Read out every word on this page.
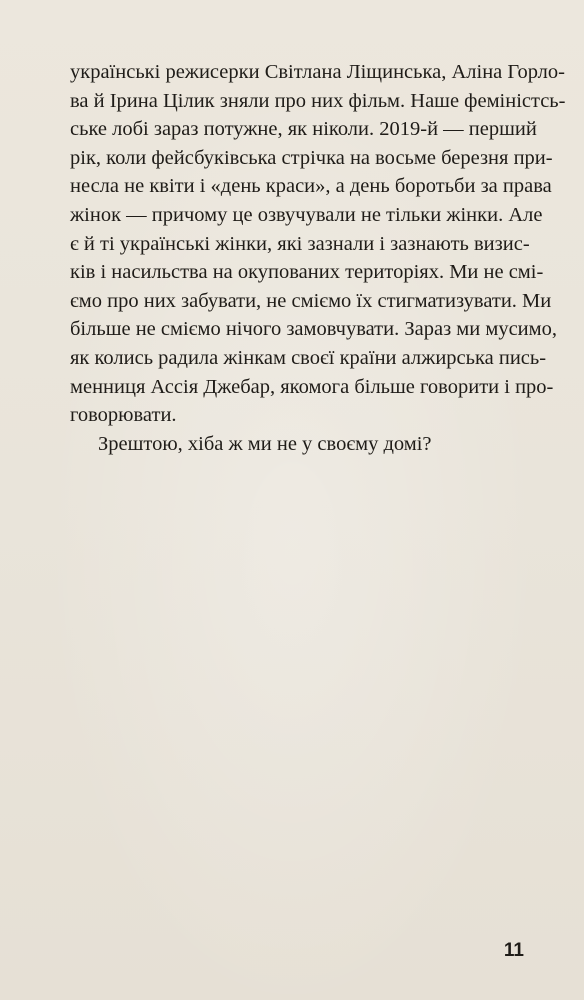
українські режисерки Світлана Ліщинська, Аліна Горло-
ва й Ірина Цілик зняли про них фільм. Наше феміністсь-
ське лобі зараз потужне, як ніколи. 2019-й — перший
рік, коли фейсбуківська стрічка на восьме березня при-
несла не квіти і «день краси», а день боротьби за права
жінок — причому це озвучували не тільки жінки. Але
є й ті українські жінки, які зазнали і зазнають визис-
ків і насильства на окупованих територіях. Ми не смі-
ємо про них забувати, не сміємо їх стигматизувати. Ми
більше не сміємо нічого замовчувати. Зараз ми мусимо,
як колись радила жінкам своєї країни алжирська пись-
менниця Ассія Джебар, якомога більше говорити і про-
говорювати.
Зрештою, хіба ж ми не у своєму домі?
11
